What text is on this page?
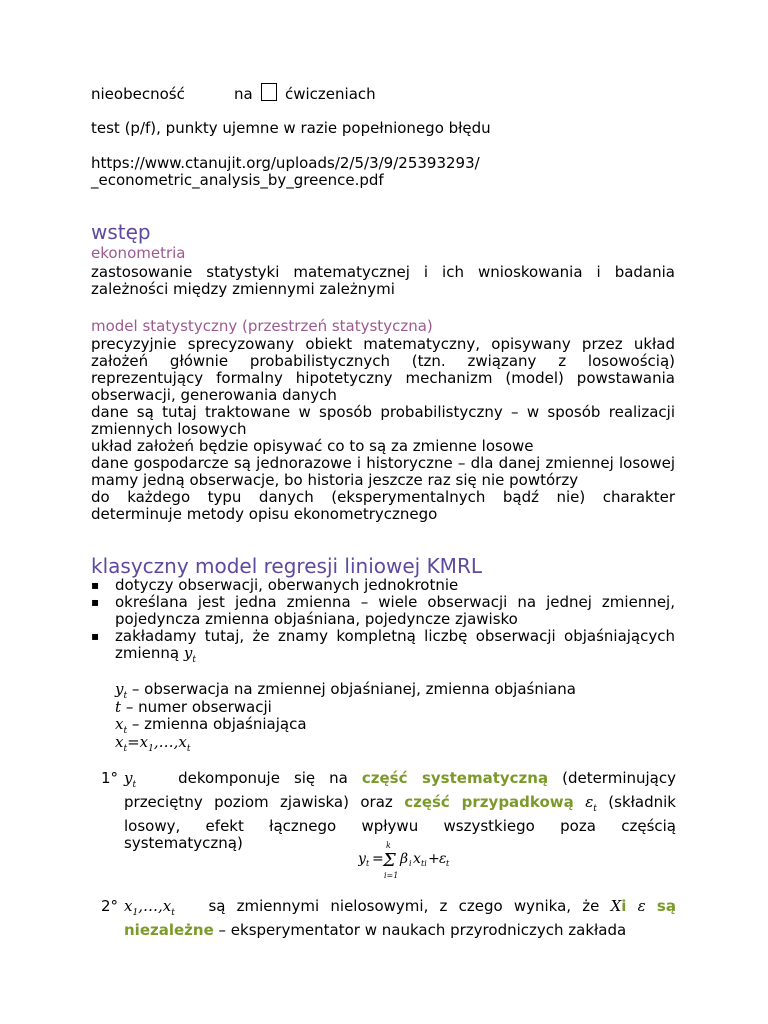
nieobecność	na ćwiczeniach
test (p/f), punkty ujemne w razie popełnionego błędu
https://www.ctanujit.org/uploads/2/5/3/9/25393293/
_econometric_analysis_by_greence.pdf
wstęp
ekonometria
zastosowanie statystyki matematycznej i ich wnioskowania i badania zależności między zmiennymi zależnymi
model statystyczny (przestrzeń statystyczna)
precyzyjnie sprecyzowany obiekt matematyczny, opisywany przez układ założeń głównie probabilistycznych (tzn. związany z losowością) reprezentujący formalny hipotetyczny mechanizm (model) powstawania obserwacji, generowania danych
dane są tutaj traktowane w sposób probabilistyczny – w sposób realizacji zmiennych losowych
układ założeń będzie opisywać co to są za zmienne losowe
dane gospodarcze są jednorazowe i historyczne – dla danej zmiennej losowej mamy jedną obserwacje, bo historia jeszcze raz się nie powtórzy
do każdego typu danych (eksperymentalnych bądź nie) charakter determinuje metody opisu ekonometrycznego
klasyczny model regresji liniowej KMRL
▪ dotyczy obserwacji, oberwanych jednokrotnie
▪ określana jest jedna zmienna – wiele obserwacji na jednej zmiennej, pojedyncza zmienna objaśniana, pojedyncze zjawisko
▪ zakładamy tutaj, że znamy kompletną liczbę obserwacji objaśniających zmienną $y_t$
$y_t$ – obserwacja na zmiennej objaśnianej, zmienna objaśniana
t – numer obserwacji
$x_t$ – zmienna objaśniająca
$x_t=x_1,\dots,x_t$
1° $y_t$	dekomponuje się na część systematyczną (determinujący przeciętny poziom zjawiska) oraz część przypadkową $\varepsilon_t$ (składnik losowy, efekt łącznego wpływu wszystkiego poza częścią systematyczną)
y t =
k
Σ
i=1
β i x ti + ε t
2° $x_1,\dots,x_t$ są zmiennymi nielosowymi, z czego wynika, że Xi ε są niezależne – eksperymentator w naukach przyrodniczych zakłada
